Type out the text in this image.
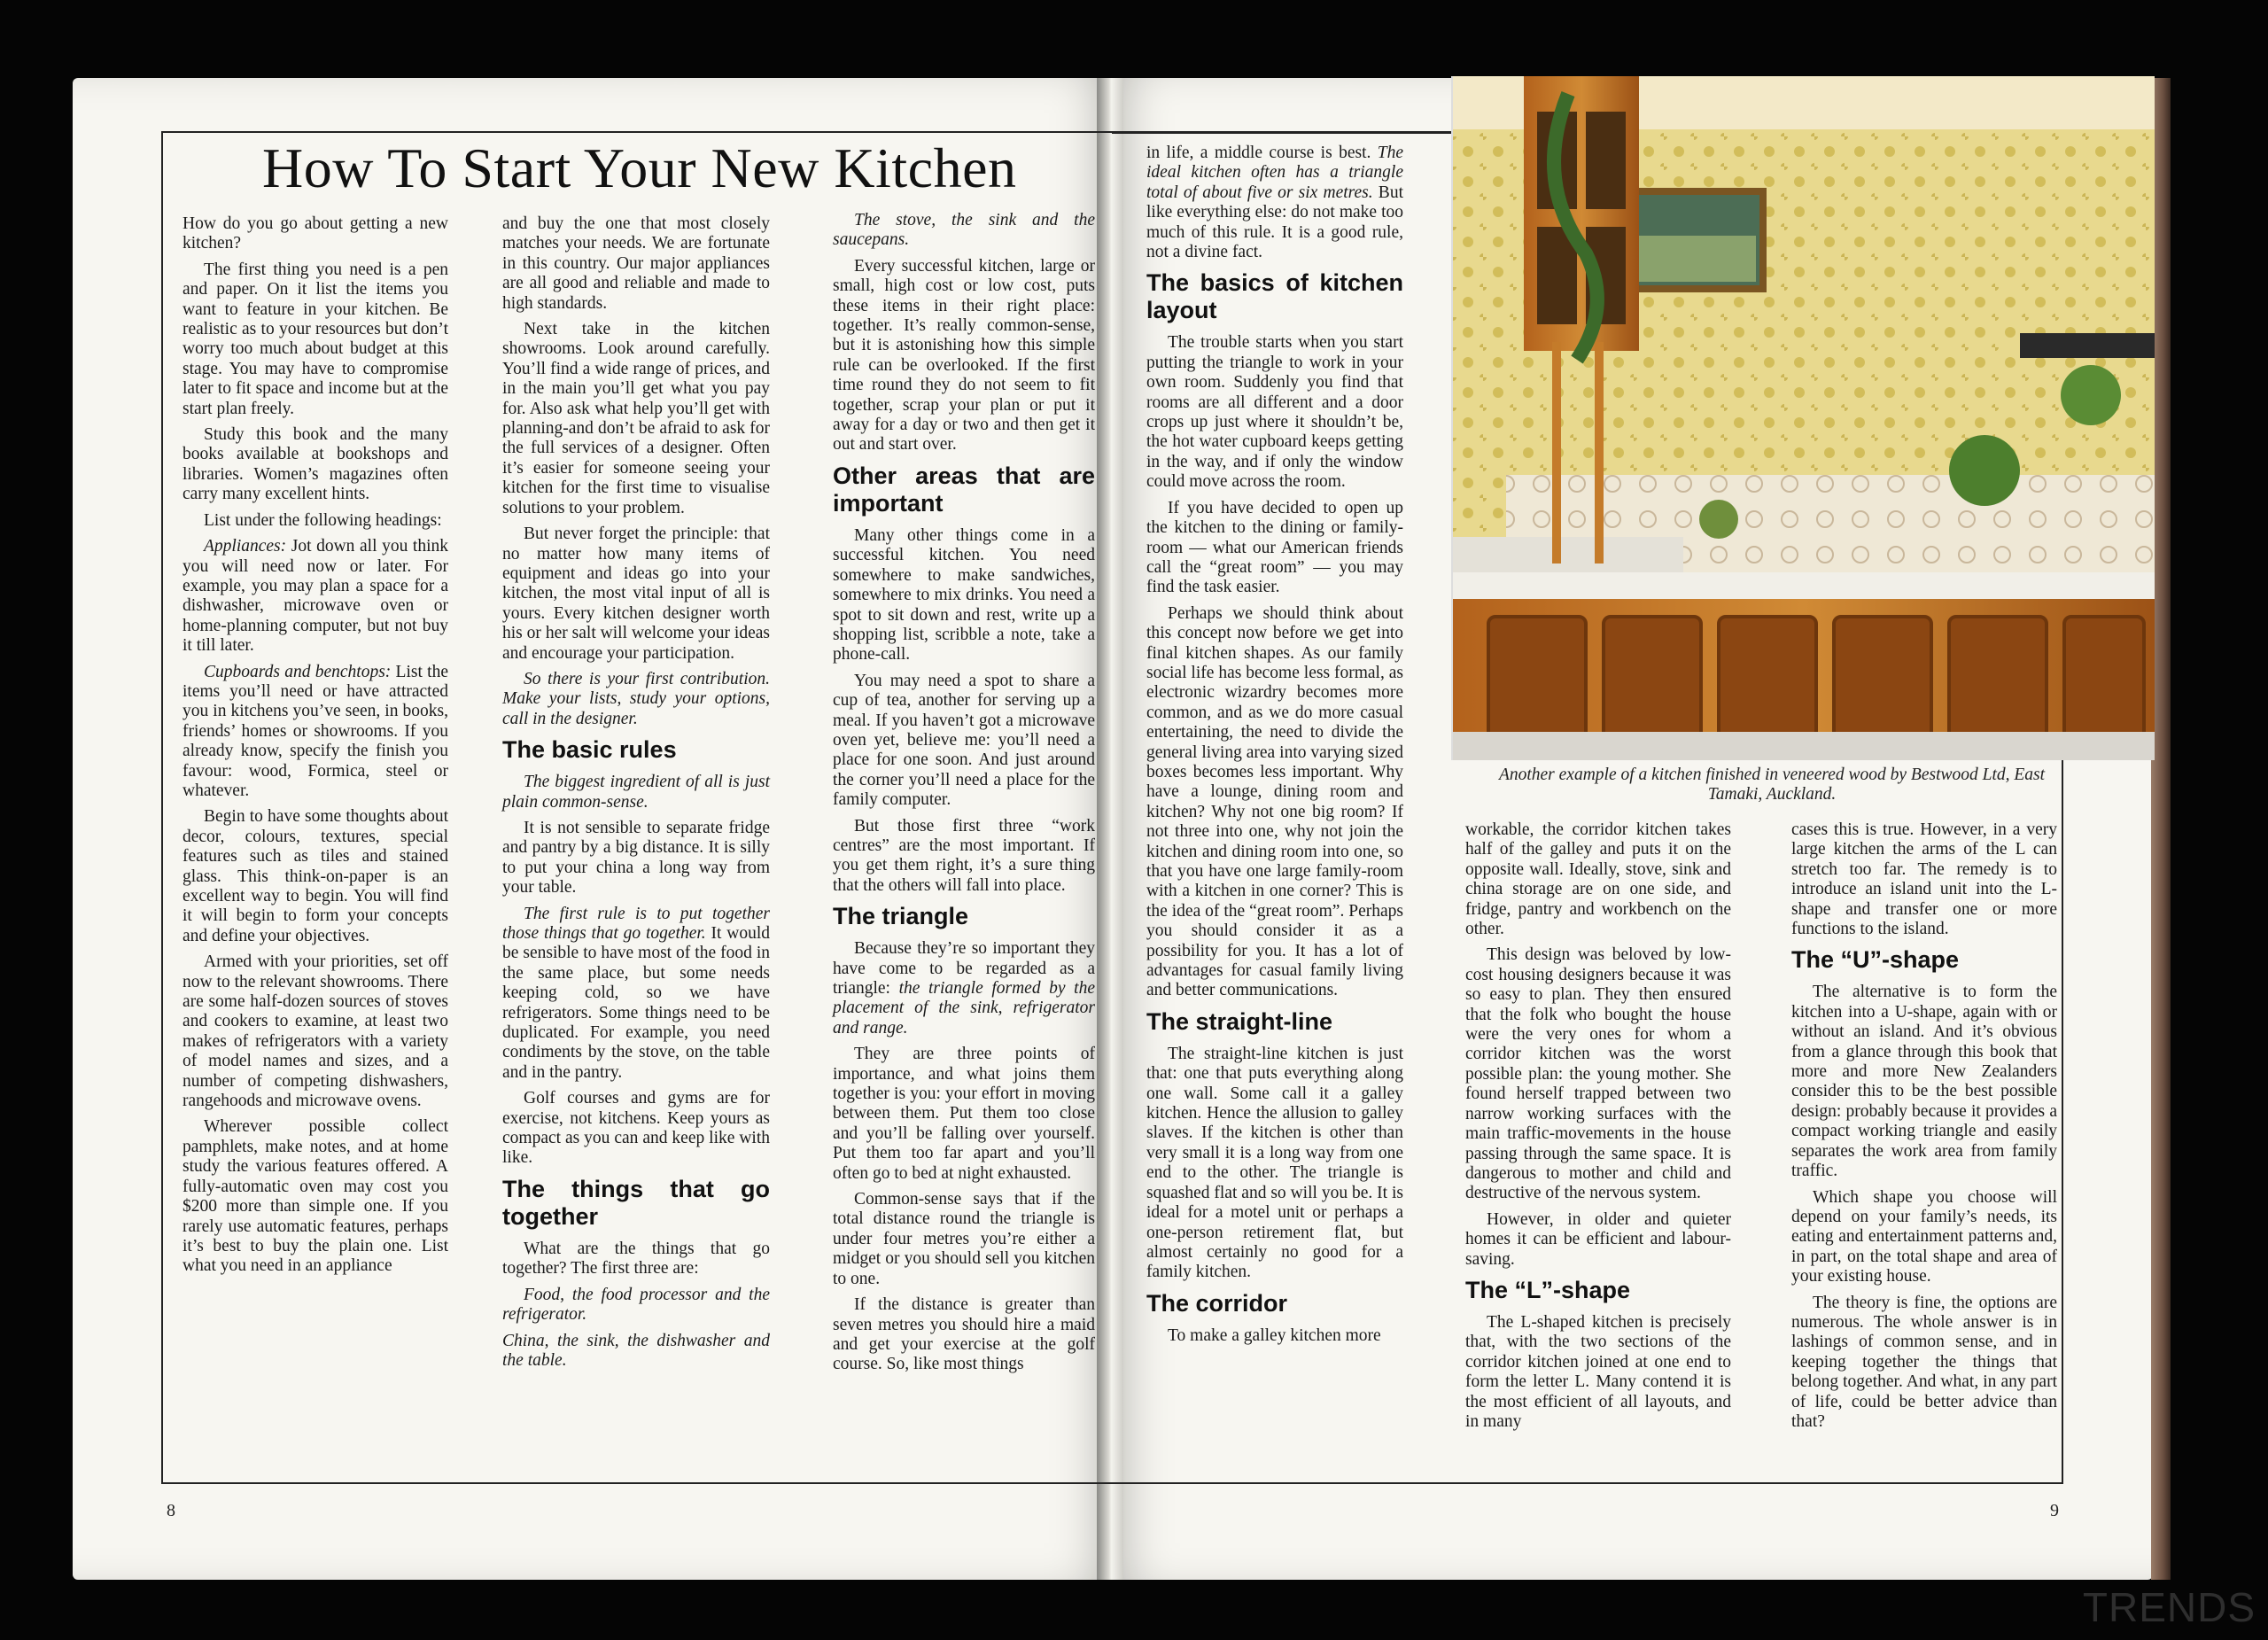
How To Start Your New Kitchen

How do you go about getting a new kitchen?

The first thing you need is a pen and paper. On it list the items you want to feature in your kitchen. Be realistic as to your resources but don’t worry too much about budget at this stage. You may have to compromise later to fit space and income but at the start plan freely.

Study this book and the many books available at bookshops and libraries. Women’s magazines often carry many excellent hints.

List under the following headings:

Appliances: Jot down all you think you will need now or later. For example, you may plan a space for a dishwasher, microwave oven or home-planning computer, but not buy it till later.

Cupboards and benchtops: List the items you’ll need or have attracted you in kitchens you’ve seen, in books, friends’ homes or showrooms. If you already know, specify the finish you favour: wood, Formica, steel or whatever.

Begin to have some thoughts about decor, colours, textures, special features such as tiles and stained glass. This think-on-paper is an excellent way to begin. You will find it will begin to form your concepts and define your objectives.

Armed with your priorities, set off now to the relevant showrooms. There are some half-dozen sources of stoves and cookers to examine, at least two makes of refrigerators with a variety of model names and sizes, and a number of competing dishwashers, rangehoods and microwave ovens.

Wherever possible collect pamphlets, make notes, and at home study the various features offered. A fully-automatic oven may cost you $200 more than simple one. If you rarely use automatic features, perhaps it’s best to buy the plain one. List what you need in an appliance

and buy the one that most closely matches your needs. We are fortunate in this country. Our major appliances are all good and reliable and made to high standards.

Next take in the kitchen showrooms. Look around carefully. You’ll find a wide range of prices, and in the main you’ll get what you pay for. Also ask what help you’ll get with planning-and don’t be afraid to ask for the full services of a designer. Often it’s easier for someone seeing your kitchen for the first time to visualise solutions to your problem.

But never forget the principle: that no matter how many items of equipment and ideas go into your kitchen, the most vital input of all is yours. Every kitchen designer worth his or her salt will welcome your ideas and encourage your participation.

So there is your first contribution. Make your lists, study your options, call in the designer.

The basic rules

The biggest ingredient of all is just plain common-sense.

It is not sensible to separate fridge and pantry by a big distance. It is silly to put your china a long way from your table.

The first rule is to put together those things that go together. It would be sensible to have most of the food in the same place, but some needs keeping cold, so we have refrigerators. Some things need to be duplicated. For example, you need condiments by the stove, on the table and in the pantry.

Golf courses and gyms are for exercise, not kitchens. Keep yours as compact as you can and keep like with like.

The things that go together

What are the things that go together? The first three are:

Food, the food processor and the refrigerator.

China, the sink, the dishwasher and the table.

The stove, the sink and the saucepans.

Every successful kitchen, large or small, high cost or low cost, puts these items in their right place: together. It’s really common-sense, but it is astonishing how this simple rule can be overlooked. If the first time round they do not seem to fit together, scrap your plan or put it away for a day or two and then get it out and start over.

Other areas that are important

Many other things come in a successful kitchen. You need somewhere to make sandwiches, somewhere to mix drinks. You need a spot to sit down and rest, write up a shopping list, scribble a note, take a phone-call.

You may need a spot to share a cup of tea, another for serving up a meal. If you haven’t got a microwave oven yet, believe me: you’ll need a place for one soon. And just around the corner you’ll need a place for the family computer.

But those first three “work centres” are the most important. If you get them right, it’s a sure thing that the others will fall into place.

The triangle

Because they’re so important they have come to be regarded as a triangle: the triangle formed by the placement of the sink, refrigerator and range.

They are three points of importance, and what joins them together is you: your effort in moving between them. Put them too close and you’ll be falling over yourself. Put them too far apart and you’ll often go to bed at night exhausted.

Common-sense says that if the total distance round the triangle is under four metres you’re either a midget or you should sell you kitchen to one.

If the distance is greater than seven metres you should hire a maid and get your exercise at the golf course. So, like most things

in life, a middle course is best. The ideal kitchen often has a triangle total of about five or six metres. But like everything else: do not make too much of this rule. It is a good rule, not a divine fact.

The basics of kitchen layout

The trouble starts when you start putting the triangle to work in your own room. Suddenly you find that rooms are all different and a door crops up just where it shouldn’t be, the hot water cupboard keeps getting in the way, and if only the window could move across the room.

If you have decided to open up the kitchen to the dining or family-room — what our American friends call the “great room” — you may find the task easier.

Perhaps we should think about this concept now before we get into final kitchen shapes. As our family social life has become less formal, as electronic wizardry becomes more common, and as we do more casual entertaining, the need to divide the general living area into varying sized boxes becomes less important. Why have a lounge, dining room and kitchen? Why not one big room? If not three into one, why not join the kitchen and dining room into one, so that you have one large family-room with a kitchen in one corner? This is the idea of the “great room”. Perhaps you should consider it as a possibility for you. It has a lot of advantages for casual family living and better communications.

The straight-line

The straight-line kitchen is just that: one that puts everything along one wall. Some call it a galley kitchen. Hence the allusion to galley slaves. If the kitchen is other than very small it is a long way from one end to the other. The triangle is squashed flat and so will you be. It is ideal for a motel unit or perhaps a one-person retirement flat, but almost certainly no good for a family kitchen.

The corridor

To make a galley kitchen more

Another example of a kitchen finished in veneered wood by Bestwood Ltd, East Tamaki, Auckland.

workable, the corridor kitchen takes half of the galley and puts it on the opposite wall. Ideally, stove, sink and china storage are on one side, and fridge, pantry and workbench on the other.

This design was beloved by low-cost housing designers because it was so easy to plan. They then ensured that the folk who bought the house were the very ones for whom a corridor kitchen was the worst possible plan: the young mother. She found herself trapped between two narrow working surfaces with the main traffic-movements in the house passing through the same space. It is dangerous to mother and child and destructive of the nervous system.

However, in older and quieter homes it can be efficient and labour-saving.

The “L”-shape

The L-shaped kitchen is precisely that, with the two sections of the corridor kitchen joined at one end to form the letter L. Many contend it is the most efficient of all layouts, and in many

cases this is true. However, in a very large kitchen the arms of the L can stretch too far. The remedy is to introduce an island unit into the L-shape and transfer one or more functions to the island.

The “U”-shape

The alternative is to form the kitchen into a U-shape, again with or without an island. And it’s obvious from a glance through this book that more and more New Zealanders consider this to be the best possible design: probably because it provides a compact working triangle and easily separates the work area from family traffic.

Which shape you choose will depend on your family’s needs, its eating and entertainment patterns and, in part, on the total shape and area of your existing house.

The theory is fine, the options are numerous. The whole answer is in lashings of common sense, and in keeping together the things that belong together. And what, in any part of life, could be better advice than that?

8	9
TRENDS
